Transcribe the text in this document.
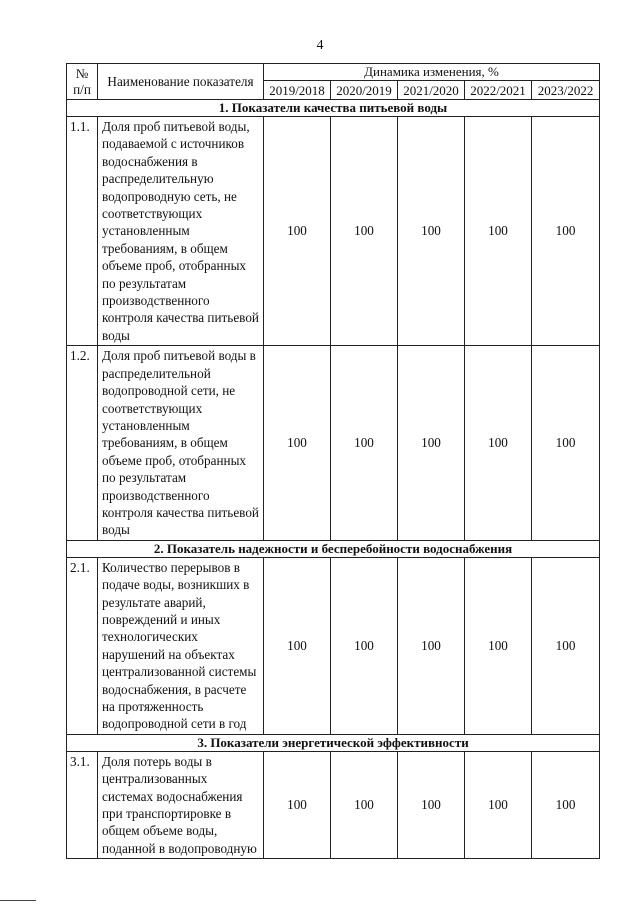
4
№
п/п	Наименование показателя	Динамика изменения, %				
		2019/2018	2020/2019	2021/2020	2022/2021	2023/2022
1. Показатели качества питьевой воды						
1.1.	Доля проб питьевой воды, подаваемой с источников водоснабжения в распределительную водопроводную сеть, не соответствующих установленным требованиям, в общем объеме проб, отобранных по результатам производственного контроля качества питьевой воды	100	100	100	100	100
1.2.	Доля проб питьевой воды в распределительной водопроводной сети, не соответствующих установленным требованиям, в общем объеме проб, отобранных по результатам производственного контроля качества питьевой воды	100	100	100	100	100
2. Показатель надежности и бесперебойности водоснабжения						
2.1.	Количество перерывов в подаче воды, возникших в результате аварий, повреждений и иных технологических нарушений на объектах централизованной системы водоснабжения, в расчете на протяженность водопроводной сети в год	100	100	100	100	100
3. Показатели энергетической эффективности						
3.1.	Доля потерь воды в централизованных системах водоснабжения при транспортировке в общем объеме воды, поданной в водопроводную	100	100	100	100	100
